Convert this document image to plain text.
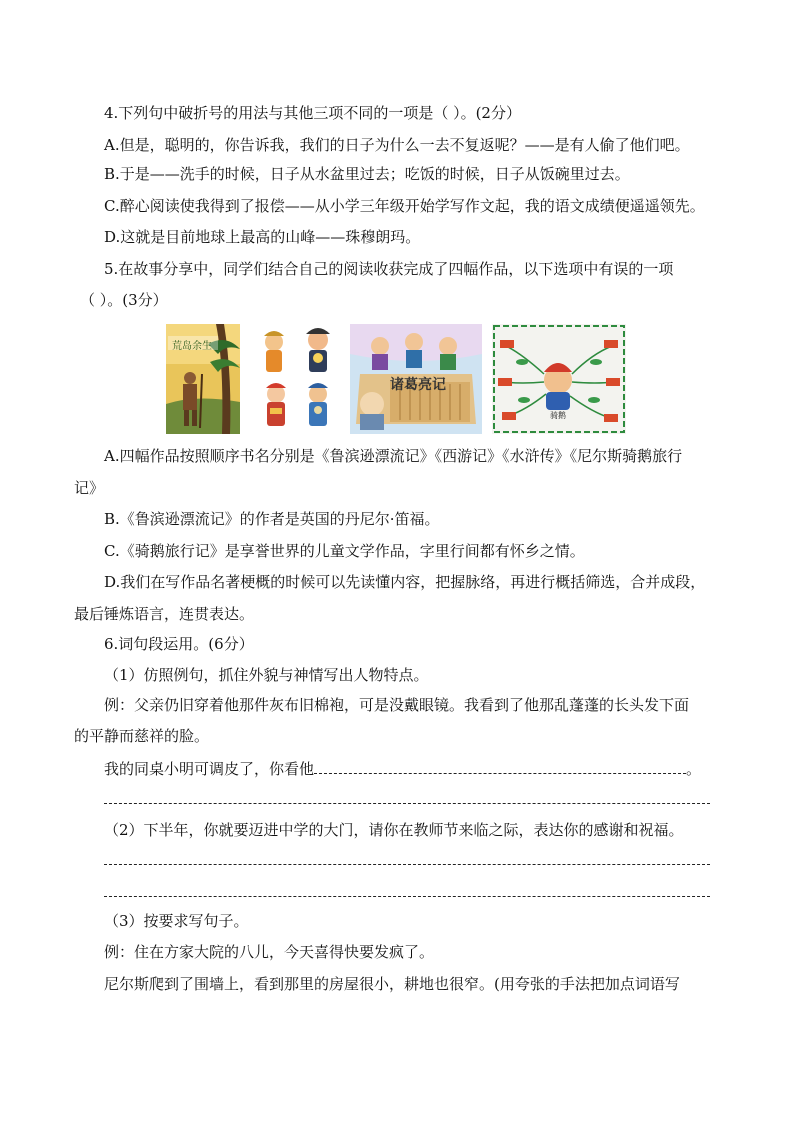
4.下列句中破折号的用法与其他三项不同的一项是（ ）。(2分）
A.但是，聪明的，你告诉我，我们的日子为什么一去不复返呢？——是有人偷了他们吧。
B.于是——洗手的时候，日子从水盆里过去；吃饭的时候，日子从饭碗里过去。
C.醉心阅读使我得到了报偿——从小学三年级开始学写作文起，我的语文成绩便遥遥领先。
D.这就是目前地球上最高的山峰——珠穆朗玛。
5.在故事分享中，同学们结合自己的阅读收获完成了四幅作品，以下选项中有误的一项
（ ）。(3分）
荒岛余生
诸葛亮记
骑鹅
A.四幅作品按照顺序书名分别是《鲁滨逊漂流记》《西游记》《水浒传》《尼尔斯骑鹅旅行
记》
B.《鲁滨逊漂流记》的作者是英国的丹尼尔·笛福。
C.《骑鹅旅行记》是享誉世界的儿童文学作品，字里行间都有怀乡之情。
D.我们在写作品名著梗概的时候可以先读懂内容，把握脉络，再进行概括筛选，合并成段，
最后锤炼语言，连贯表达。
6.词句段运用。(6分）
（1）仿照例句，抓住外貌与神情写出人物特点。
例：父亲仍旧穿着他那件灰布旧棉袍，可是没戴眼镜。我看到了他那乱蓬蓬的长头发下面
的平静而慈祥的脸。
我的同桌小明可调皮了，你看他	。
（2）下半年，你就要迈进中学的大门，请你在教师节来临之际，表达你的感谢和祝福。
（3）按要求写句子。
例：住在方家大院的八儿，今天喜得快要发疯了。
尼尔斯爬到了围墙上，看到那里的房屋很小，耕地也很窄。(用夸张的手法把加点词语写
